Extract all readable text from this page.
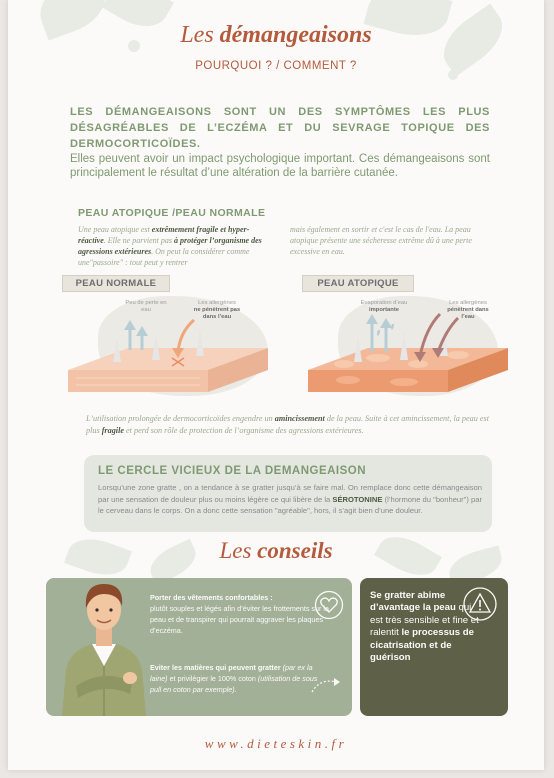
Les démangeaisons
POURQUOI ? / COMMENT ?
LES DÉMANGEAISONS SONT UN DES SYMPTÔMES LES PLUS DÉSAGRÉABLES DE L’ECZÉMA ET DU SEVRAGE TOPIQUE DES DERMOCORTICOÏDES.
Elles peuvent avoir un impact psychologique important. Ces démangeaisons sont principalement le résultat d’une altération de la barrière cutanée.
PEAU ATOPIQUE /PEAU NORMALE
Une peau atopique est extrêmement fragile et hyper- réactive. Elle ne parvient pas à protéger l’organisme des agressions extérieures. On peut la considérer comme une"passoire" : tout peut y rentrer
mais également en sortir et c'est le cas de l'eau. La peau atopique présente une sécheresse extrême dû à une perte excessive en eau.
PEAU NORMALE	PEAU ATOPIQUE
Peu de perte en eau
Les allergènes
ne pénètrent pas dans l’eau
Evaporation d’eau
importante
Les allergènes
pénètrent dans l’eau
L’utilisation prolongée de dermocorticoïdes engendre un amincissement de la peau. Suite à cet amincissement, la peau est plus fragile et perd son rôle de protection de l’organisme des agressions extérieures.
LE CERCLE VICIEUX DE LA DEMANGEAISON
Lorsqu’une zone gratte , on a tendance à se gratter jusqu’à se faire mal. On remplace donc cette démangeaison par une sensation de douleur plus ou moins légère ce qui libère de la SÉROTONINE (l’hormone du "bonheur") par le cerveau dans le corps. On a donc cette sensation "agréable", hors, il s’agit bien d’une douleur.
Les conseils
Porter des vêtements confortables :
plutôt souples et légés afin d’éviter les frottements sur la peau et de transpirer qui pourrait aggraver les plaques d’eczéma.
Eviter les matières qui peuvent gratter (par ex la laine) et privilégier le 100% coton (utilisation de sous pull en coton par exemple).
Se gratter abime d’avantage la peau qui est très sensible et fine et ralentit le processus de cicatrisation et de guérison
www.dieteskin.fr
